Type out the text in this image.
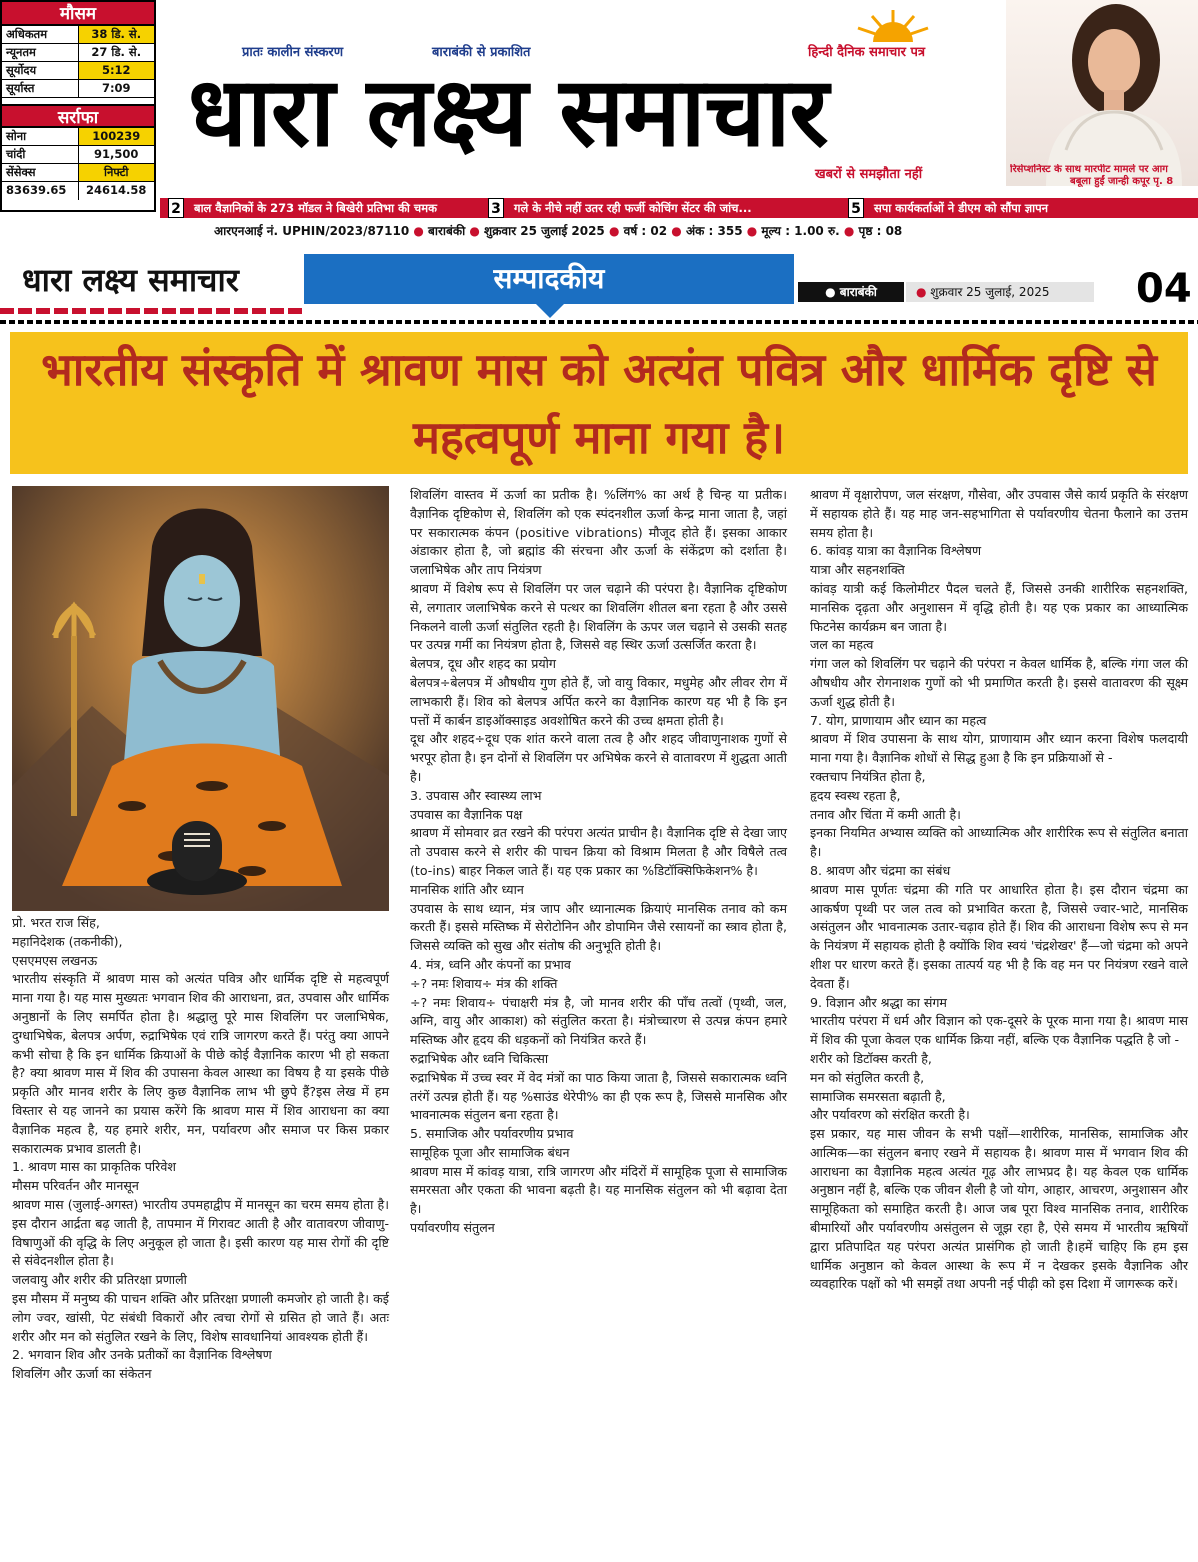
मौसम
अधिकतम	38 डि. से.
न्यूनतम	27 डि. से.
सूर्योदय	5:12
सूर्यास्त	7:09
सर्राफा
सोना	100239
चांदी	91,500
सेंसेक्स	निफ्टी
83639.65	24614.58
प्रातः कालीन संस्करण	बाराबंकी से प्रकाशित	हिन्दी दैनिक समाचार पत्र
धारा लक्ष्य समाचार
खबरों से समझौता नहीं	रिसेप्शनिस्ट के साथ मारपीट मामले पर आग
बबूला हुईं जान्ही कपूर पृ. 8
2	बाल वैज्ञानिकों के 273 मॉडल ने बिखेरी प्रतिभा की चमक	3	गले के नीचे नहीं उतर रही फर्जी कोचिंग सेंटर की जांच...	5	सपा कार्यकर्ताओं ने डीएम को सौंपा ज्ञापन
आरएनआई नं. UPHIN/2023/87110 ● बाराबंकी ● शुक्रवार 25 जुलाई 2025 ● वर्ष : 02 ● अंक : 355 ● मूल्य : 1.00 रु. ● पृष्ठ : 08
धारा लक्ष्य समाचार	सम्पादकीय	● बाराबंकी	● शुक्रवार 25 जुलाई, 2025	04
भारतीय संस्कृति में श्रावण मास को अत्यंत पवित्र और धार्मिक दृष्टि से महत्वपूर्ण माना गया है।

प्रो. भरत राज सिंह,

महानिदेशक (तकनीकी),

एसएमएस लखनऊ

भारतीय संस्कृति में श्रावण मास को अत्यंत पवित्र और धार्मिक दृष्टि से महत्वपूर्ण माना गया है। यह मास मुख्यतः भगवान शिव की आराधना, व्रत, उपवास और धार्मिक अनुष्ठानों के लिए समर्पित होता है। श्रद्धालु पूरे मास शिवलिंग पर जलाभिषेक, दुग्धाभिषेक, बेलपत्र अर्पण, रुद्राभिषेक एवं रात्रि जागरण करते हैं। परंतु क्या आपने कभी सोचा है कि इन धार्मिक क्रियाओं के पीछे कोई वैज्ञानिक कारण भी हो सकता है? क्या श्रावण मास में शिव की उपासना केवल आस्था का विषय है या इसके पीछे प्रकृति और मानव शरीर के लिए कुछ वैज्ञानिक लाभ भी छुपे हैं?इस लेख में हम विस्तार से यह जानने का प्रयास करेंगे कि श्रावण मास में शिव आराधना का क्या वैज्ञानिक महत्व है, यह हमारे शरीर, मन, पर्यावरण और समाज पर किस प्रकार सकारात्मक प्रभाव डालती है।

1. श्रावण मास का प्राकृतिक परिवेश

मौसम परिवर्तन और मानसून

श्रावण मास (जुलाई-अगस्त) भारतीय उपमहाद्वीप में मानसून का चरम समय होता है। इस दौरान आर्द्रता बढ़ जाती है, तापमान में गिरावट आती है और वातावरण जीवाणु-विषाणुओं की वृद्धि के लिए अनुकूल हो जाता है। इसी कारण यह मास रोगों की दृष्टि से संवेदनशील होता है।

जलवायु और शरीर की प्रतिरक्षा प्रणाली

इस मौसम में मनुष्य की पाचन शक्ति और प्रतिरक्षा प्रणाली कमजोर हो जाती है। कई लोग ज्वर, खांसी, पेट संबंधी विकारों और त्वचा रोगों से ग्रसित हो जाते हैं। अतः शरीर और मन को संतुलित रखने के लिए, विशेष सावधानियां आवश्यक होती हैं।

2. भगवान शिव और उनके प्रतीकों का वैज्ञानिक विश्लेषण

शिवलिंग और ऊर्जा का संकेतन

शिवलिंग वास्तव में ऊर्जा का प्रतीक है। %लिंग% का अर्थ है चिन्ह या प्रतीक। वैज्ञानिक दृष्टिकोण से, शिवलिंग को एक स्पंदनशील ऊर्जा केन्द्र माना जाता है, जहां पर सकारात्मक कंपन (positive vibrations) मौजूद होते हैं। इसका आकार अंडाकार होता है, जो ब्रह्मांड की संरचना और ऊर्जा के संकेंद्रण को दर्शाता है। जलाभिषेक और ताप नियंत्रण

श्रावण में विशेष रूप से शिवलिंग पर जल चढ़ाने की परंपरा है। वैज्ञानिक दृष्टिकोण से, लगातार जलाभिषेक करने से पत्थर का शिवलिंग शीतल बना रहता है और उससे निकलने वाली ऊर्जा संतुलित रहती है। शिवलिंग के ऊपर जल चढ़ाने से उसकी सतह पर उत्पन्न गर्मी का नियंत्रण होता है, जिससे वह स्थिर ऊर्जा उत्सर्जित करता है।

बेलपत्र, दूध और शहद का प्रयोग

बेलपत्र÷बेलपत्र में औषधीय गुण होते हैं, जो वायु विकार, मधुमेह और लीवर रोग में लाभकारी हैं। शिव को बेलपत्र अर्पित करने का वैज्ञानिक कारण यह भी है कि इन पत्तों में कार्बन डाइऑक्साइड अवशोषित करने की उच्च क्षमता होती है।

दूध और शहद÷दूध एक शांत करने वाला तत्व है और शहद जीवाणुनाशक गुणों से भरपूर होता है। इन दोनों से शिवलिंग पर अभिषेक करने से वातावरण में शुद्धता आती है।

3. उपवास और स्वास्थ्य लाभ

उपवास का वैज्ञानिक पक्ष

श्रावण में सोमवार व्रत रखने की परंपरा अत्यंत प्राचीन है। वैज्ञानिक दृष्टि से देखा जाए तो उपवास करने से शरीर की पाचन क्रिया को विश्राम मिलता है और विषैले तत्व (to-ins) बाहर निकल जाते हैं। यह एक प्रकार का %डिटॉक्सिफिकेशन% है।

मानसिक शांति और ध्यान

उपवास के साथ ध्यान, मंत्र जाप और ध्यानात्मक क्रियाएं मानसिक तनाव को कम करती हैं। इससे मस्तिष्क में सेरोटोनिन और डोपामिन जैसे रसायनों का स्त्राव होता है, जिससे व्यक्ति को सुख और संतोष की अनुभूति होती है।

4. मंत्र, ध्वनि और कंपनों का प्रभाव

÷? नमः शिवाय÷ मंत्र की शक्ति

÷? नमः शिवाय÷ पंचाक्षरी मंत्र है, जो मानव शरीर की पाँच तत्वों (पृथ्वी, जल, अग्नि, वायु और आकाश) को संतुलित करता है। मंत्रोच्चारण से उत्पन्न कंपन हमारे मस्तिष्क और हृदय की धड़कनों को नियंत्रित करते हैं।

रुद्राभिषेक और ध्वनि चिकित्सा

रुद्राभिषेक में उच्च स्वर में वेद मंत्रों का पाठ किया जाता है, जिससे सकारात्मक ध्वनि तरंगें उत्पन्न होती हैं। यह %साउंड थेरेपी% का ही एक रूप है, जिससे मानसिक और भावनात्मक संतुलन बना रहता है।

5. समाजिक और पर्यावरणीय प्रभाव

सामूहिक पूजा और सामाजिक बंधन

श्रावण मास में कांवड़ यात्रा, रात्रि जागरण और मंदिरों में सामूहिक पूजा से सामाजिक समरसता और एकता की भावना बढ़ती है। यह मानसिक संतुलन को भी बढ़ावा देता है।

पर्यावरणीय संतुलन

श्रावण में वृक्षारोपण, जल संरक्षण, गौसेवा, और उपवास जैसे कार्य प्रकृति के संरक्षण में सहायक होते हैं। यह माह जन-सहभागिता से पर्यावरणीय चेतना फैलाने का उत्तम समय होता है।

6. कांवड़ यात्रा का वैज्ञानिक विश्लेषण

यात्रा और सहनशक्ति

कांवड़ यात्री कई किलोमीटर पैदल चलते हैं, जिससे उनकी शारीरिक सहनशक्ति, मानसिक दृढ़ता और अनुशासन में वृद्धि होती है। यह एक प्रकार का आध्यात्मिक फिटनेस कार्यक्रम बन जाता है।

जल का महत्व

गंगा जल को शिवलिंग पर चढ़ाने की परंपरा न केवल धार्मिक है, बल्कि गंगा जल की औषधीय और रोगनाशक गुणों को भी प्रमाणित करती है। इससे वातावरण की सूक्ष्म ऊर्जा शुद्ध होती है।

7. योग, प्राणायाम और ध्यान का महत्व

श्रावण में शिव उपासना के साथ योग, प्राणायाम और ध्यान करना विशेष फलदायी माना गया है। वैज्ञानिक शोधों से सिद्ध हुआ है कि इन प्रक्रियाओं से -

रक्तचाप नियंत्रित होता है,

हृदय स्वस्थ रहता है,

तनाव और चिंता में कमी आती है।

इनका नियमित अभ्यास व्यक्ति को आध्यात्मिक और शारीरिक रूप से संतुलित बनाता है।

8. श्रावण और चंद्रमा का संबंध

श्रावण मास पूर्णतः चंद्रमा की गति पर आधारित होता है। इस दौरान चंद्रमा का आकर्षण पृथ्वी पर जल तत्व को प्रभावित करता है, जिससे ज्वार-भाटे, मानसिक असंतुलन और भावनात्मक उतार-चढ़ाव होते हैं। शिव की आराधना विशेष रूप से मन के नियंत्रण में सहायक होती है क्योंकि शिव स्वयं 'चंद्रशेखर' हैं—जो चंद्रमा को अपने शीश पर धारण करते हैं। इसका तात्पर्य यह भी है कि वह मन पर नियंत्रण रखने वाले देवता हैं।

9. विज्ञान और श्रद्धा का संगम

भारतीय परंपरा में धर्म और विज्ञान को एक-दूसरे के पूरक माना गया है। श्रावण मास में शिव की पूजा केवल एक धार्मिक क्रिया नहीं, बल्कि एक वैज्ञानिक पद्धति है जो -

शरीर को डिटॉक्स करती है,

मन को संतुलित करती है,

सामाजिक समरसता बढ़ाती है,

और पर्यावरण को संरक्षित करती है।

इस प्रकार, यह मास जीवन के सभी पक्षों—शारीरिक, मानसिक, सामाजिक और आत्मिक—का संतुलन बनाए रखने में सहायक है। श्रावण मास में भगवान शिव की आराधना का वैज्ञानिक महत्व अत्यंत गूढ़ और लाभप्रद है। यह केवल एक धार्मिक अनुष्ठान नहीं है, बल्कि एक जीवन शैली है जो योग, आहार, आचरण, अनुशासन और सामूहिकता को समाहित करती है। आज जब पूरा विश्व मानसिक तनाव, शारीरिक बीमारियों और पर्यावरणीय असंतुलन से जूझ रहा है, ऐसे समय में भारतीय ऋषियों द्वारा प्रतिपादित यह परंपरा अत्यंत प्रासंगिक हो जाती है।हमें चाहिए कि हम इस धार्मिक अनुष्ठान को केवल आस्था के रूप में न देखकर इसके वैज्ञानिक और व्यवहारिक पक्षों को भी समझें तथा अपनी नई पीढ़ी को इस दिशा में जागरूक करें।
